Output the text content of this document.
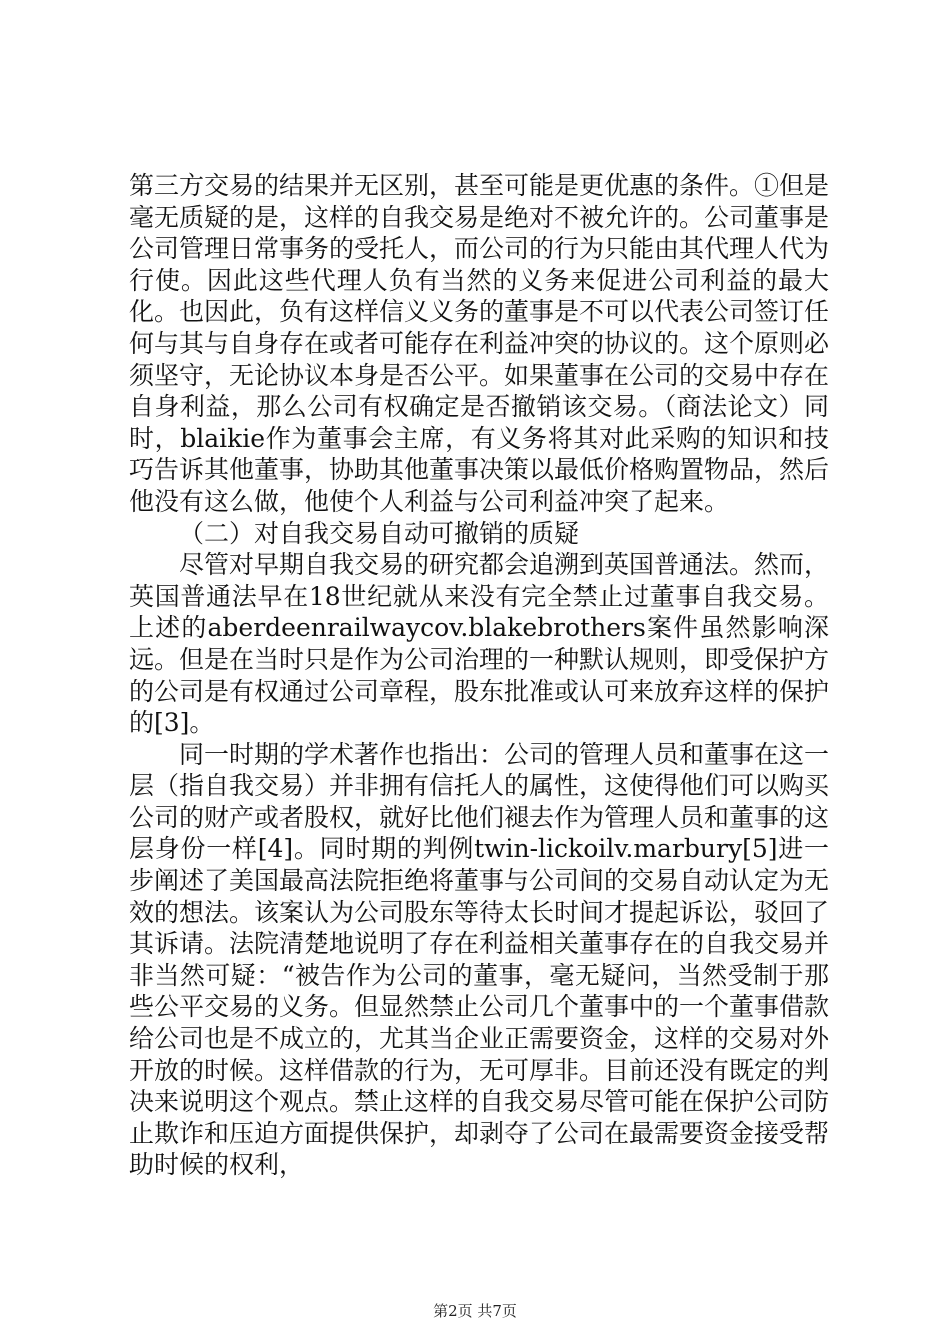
第三方交易的结果并无区别，甚至可能是更优惠的条件。①但是毫无质疑的是，这样的自我交易是绝对不被允许的。公司董事是公司管理日常事务的受托人，而公司的行为只能由其代理人代为行使。因此这些代理人负有当然的义务来促进公司利益的最大化。也因此，负有这样信义义务的董事是不可以代表公司签订任何与其与自身存在或者可能存在利益冲突的协议的。这个原则必须坚守，无论协议本身是否公平。如果董事在公司的交易中存在自身利益，那么公司有权确定是否撤销该交易。（商法论文）同时，blaikie作为董事会主席，有义务将其对此采购的知识和技巧告诉其他董事，协助其他董事决策以最低价格购置物品，然后他没有这么做，他使个人利益与公司利益冲突了起来。

（二）对自我交易自动可撤销的质疑

尽管对早期自我交易的研究都会追溯到英国普通法。然而，英国普通法早在18世纪就从来没有完全禁止过董事自我交易。上述的aberdeenrailwaycov.blakebrothers案件虽然影响深远。但是在当时只是作为公司治理的一种默认规则，即受保护方的公司是有权通过公司章程，股东批准或认可来放弃这样的保护的[3]。

同一时期的学术著作也指出：公司的管理人员和董事在这一层（指自我交易）并非拥有信托人的属性，这使得他们可以购买公司的财产或者股权，就好比他们褪去作为管理人员和董事的这层身份一样[4]。同时期的判例twin-lickoilv.marbury[5]进一步阐述了美国最高法院拒绝将董事与公司间的交易自动认定为无效的想法。该案认为公司股东等待太长时间才提起诉讼，驳回了其诉请。法院清楚地说明了存在利益相关董事存在的自我交易并非当然可疑：“被告作为公司的董事，毫无疑问，当然受制于那些公平交易的义务。但显然禁止公司几个董事中的一个董事借款给公司也是不成立的，尤其当企业正需要资金，这样的交易对外开放的时候。这样借款的行为，无可厚非。目前还没有既定的判决来说明这个观点。禁止这样的自我交易尽管可能在保护公司防止欺诈和压迫方面提供保护，却剥夺了公司在最需要资金接受帮助时候的权利，

第2页 共7页
